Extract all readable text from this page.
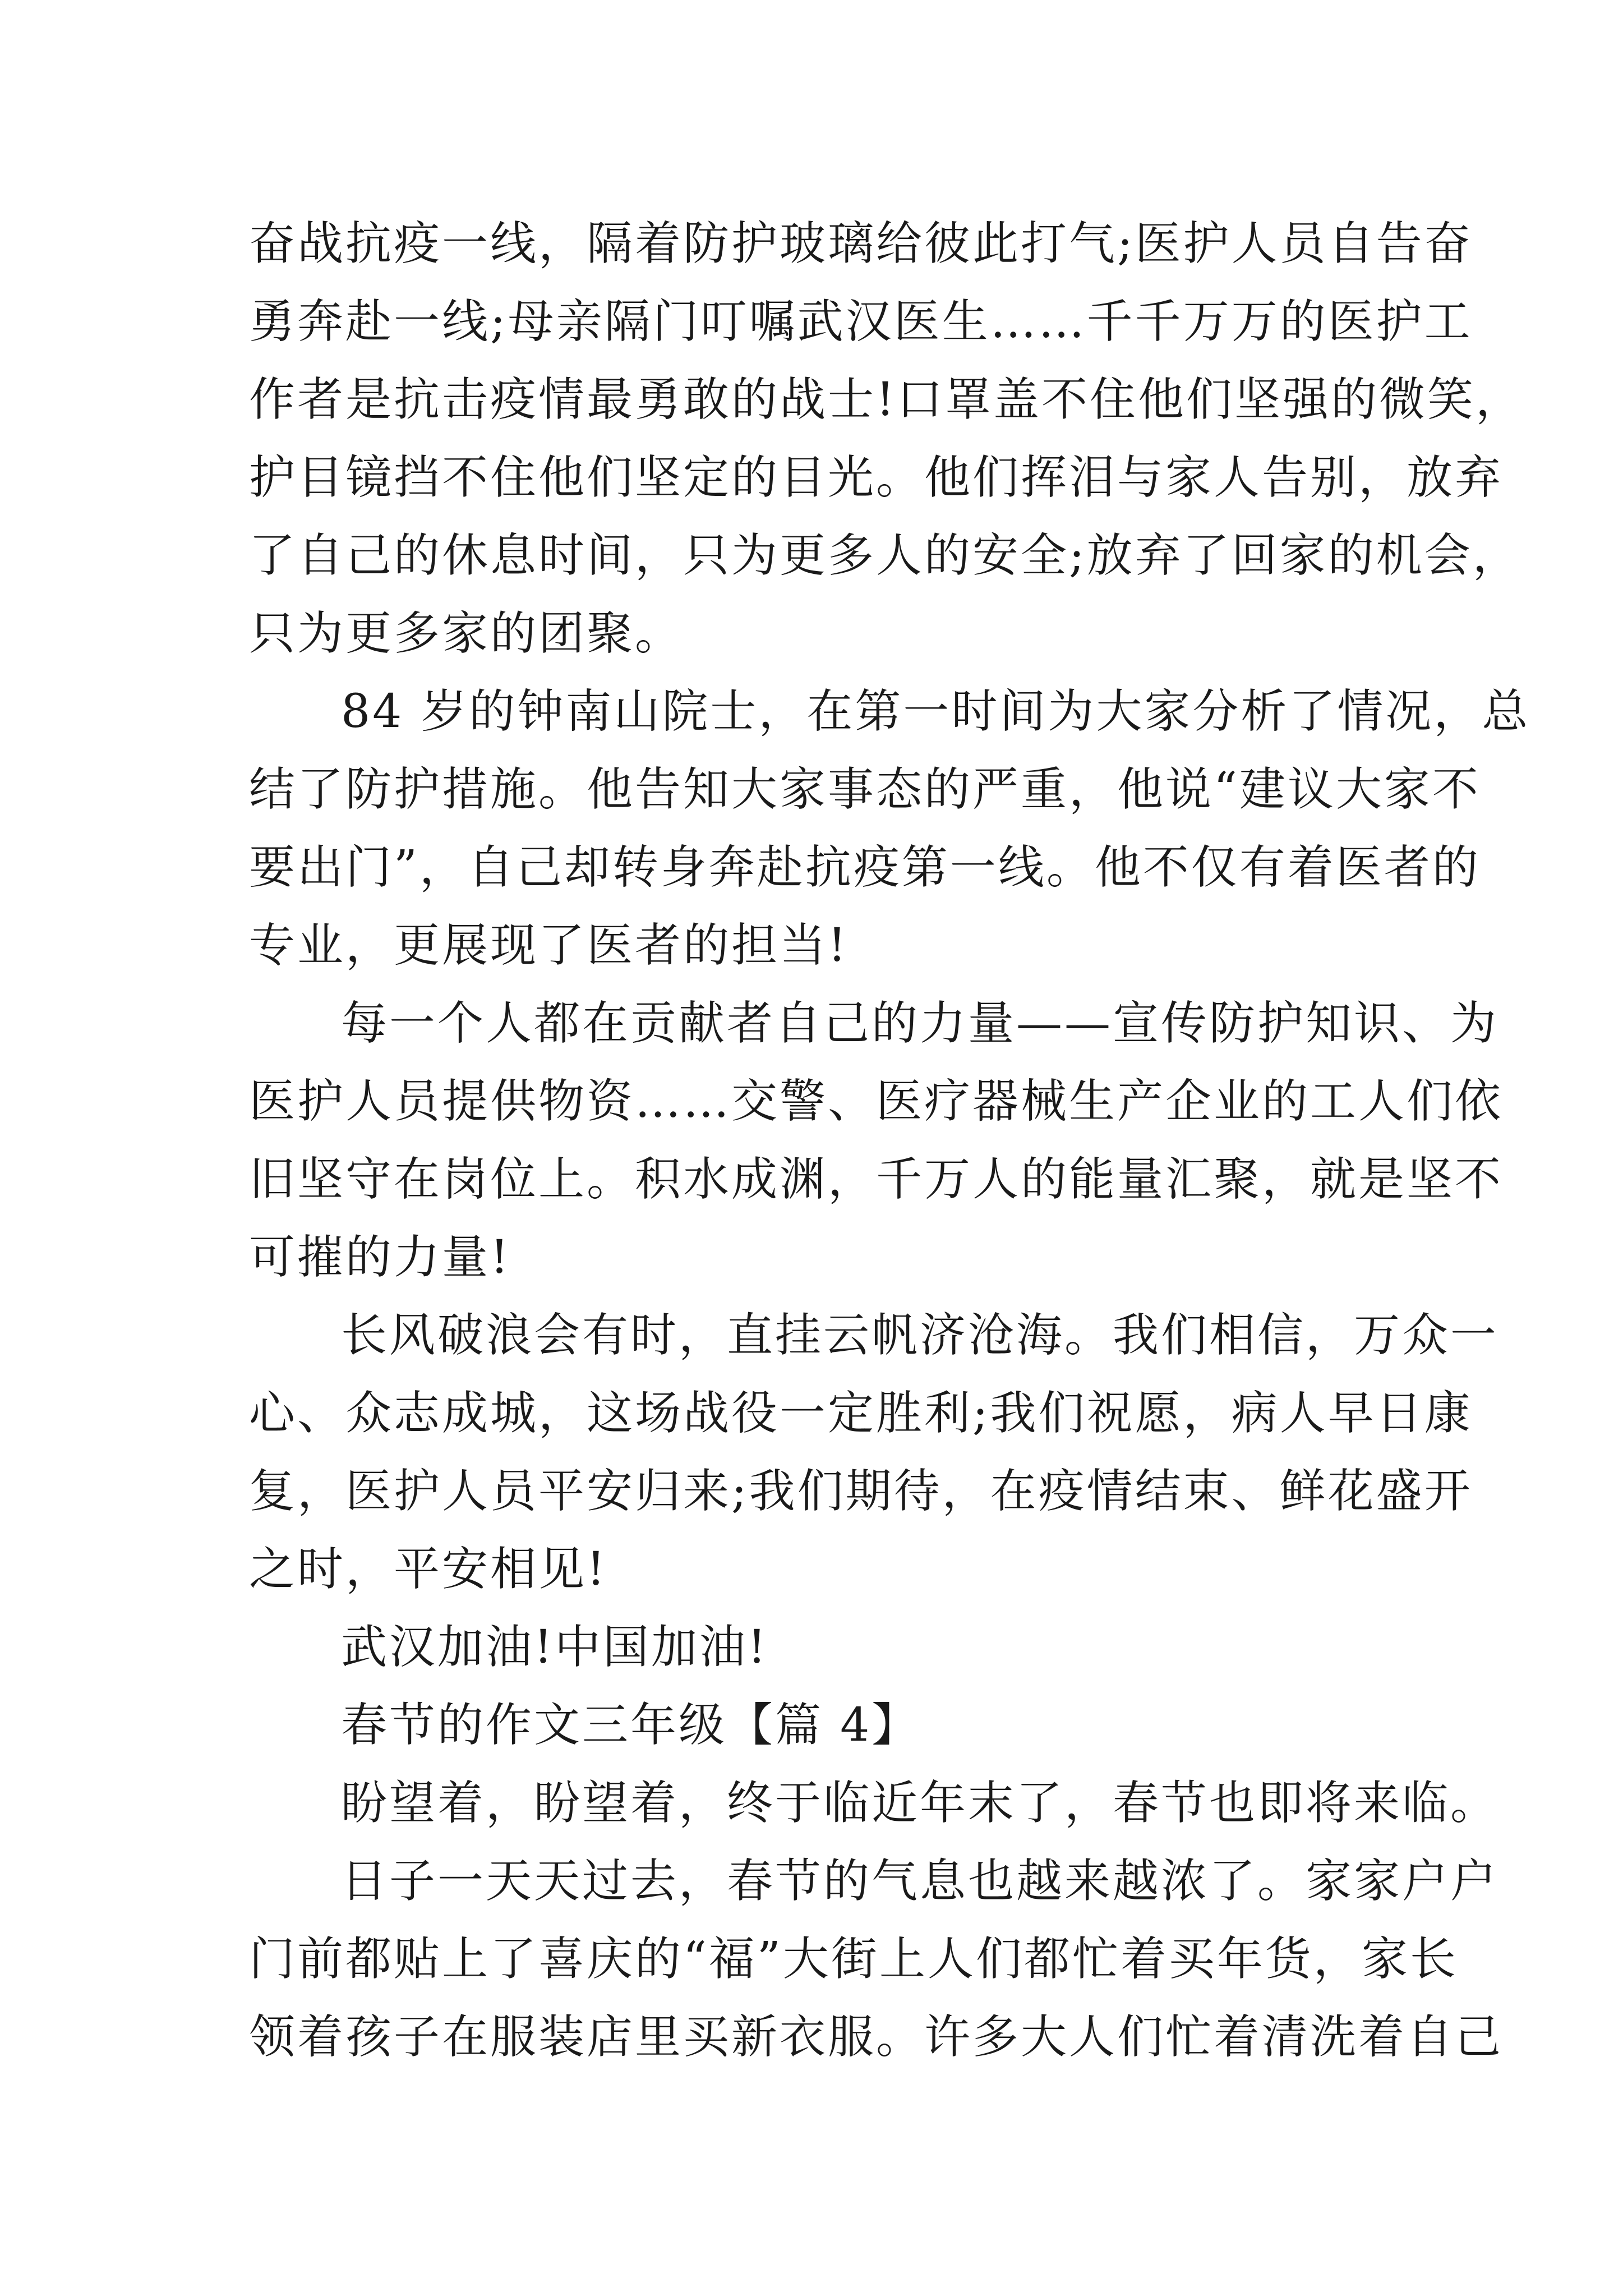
奋战抗疫一线，隔着防护玻璃给彼此打气;医护人员自告奋
勇奔赴一线;母亲隔门叮嘱武汉医生……千千万万的医护工
作者是抗击疫情最勇敢的战士!口罩盖不住他们坚强的微笑，
护目镜挡不住他们坚定的目光。他们挥泪与家人告别，放弃
了自己的休息时间，只为更多人的安全;放弃了回家的机会，
只为更多家的团聚。
84 岁的钟南山院士，在第一时间为大家分析了情况，总
结了防护措施。他告知大家事态的严重，他说“建议大家不
要出门”，自己却转身奔赴抗疫第一线。他不仅有着医者的
专业，更展现了医者的担当!
每一个人都在贡献者自己的力量——宣传防护知识、为
医护人员提供物资……交警、医疗器械生产企业的工人们依
旧坚守在岗位上。积水成渊，千万人的能量汇聚，就是坚不
可摧的力量!
长风破浪会有时，直挂云帆济沧海。我们相信，万众一
心、众志成城，这场战役一定胜利;我们祝愿，病人早日康
复，医护人员平安归来;我们期待，在疫情结束、鲜花盛开
之时，平安相见!
武汉加油!中国加油!
春节的作文三年级【篇 4】
盼望着，盼望着，终于临近年末了，春节也即将来临。
日子一天天过去，春节的气息也越来越浓了。家家户户
门前都贴上了喜庆的“福”大街上人们都忙着买年货，家长
领着孩子在服装店里买新衣服。许多大人们忙着清洗着自己
